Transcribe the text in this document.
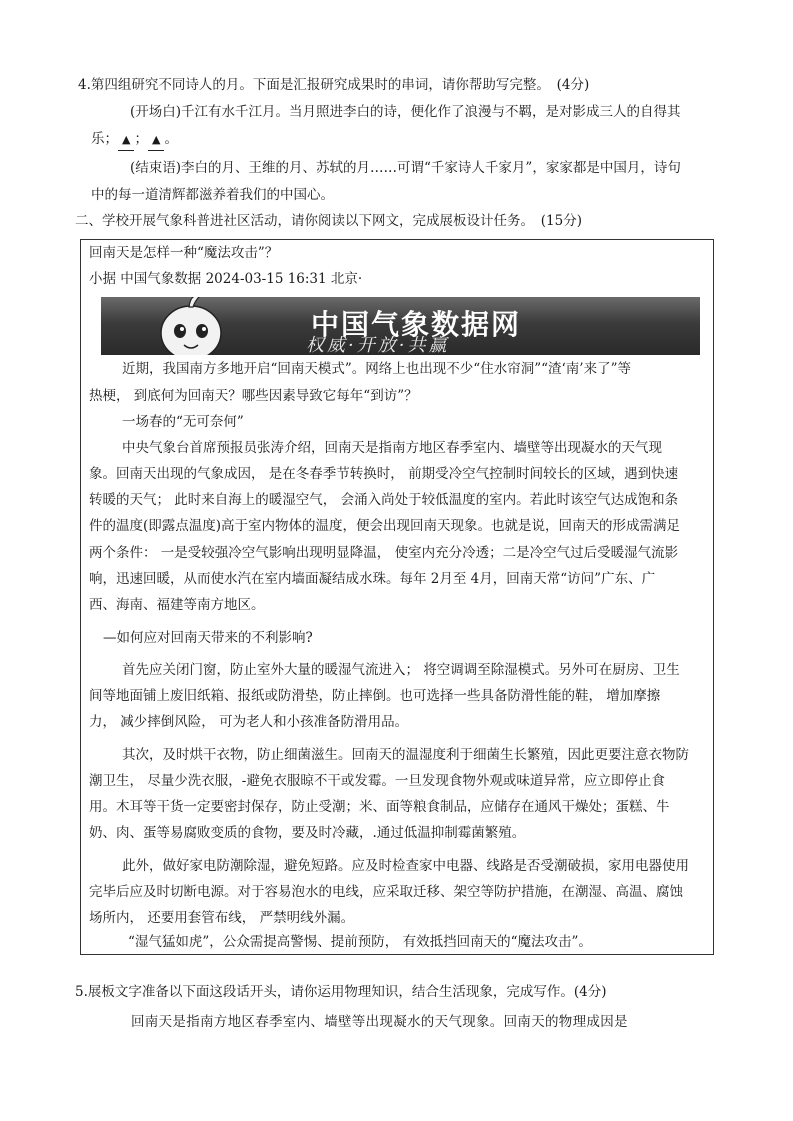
4.第四组研究不同诗人的月。下面是汇报研究成果时的串词，请你帮助写完整。　(4分)
(开场白)千江有水千江月。当月照进李白的诗，便化作了浪漫与不羁，是对影成三人的自得其
乐； ▲ ； ▲ 。
(结束语)李白的月、王维的月、苏轼的月……可谓“千家诗人千家月”，家家都是中国月，诗句
中的每一道清辉都滋养着我们的中国心。
二、学校开展气象科普进社区活动，请你阅读以下网文，完成展板设计任务。　(15分)
回南天是怎样一种“魔法攻击”？
小据 中国气象数据 2024-03-15 16:31 北京·
中国气象数据网
权威·开放·共赢
近期，我国南方多地开启“回南天模式”。网络上也出现不少“住水帘洞”“渣‘南’来了”等
热梗， 到底何为回南天？哪些因素导致它每年“到访”？
一场春的“无可奈何”
中央气象台首席预报员张涛介绍，回南天是指南方地区春季室内、墙壁等出现凝水的天气现
象。回南天出现的气象成因， 是在冬春季节转换时， 前期受冷空气控制时间较长的区域，遇到快速
转暖的天气； 此时来自海上的暖湿空气， 会涌入尚处于较低温度的室内。若此时该空气达成饱和条
件的温度(即露点温度)高于室内物体的温度，便会出现回南天现象。也就是说，回南天的形成需满足
两个条件： 一是受较强冷空气影响出现明显降温， 使室内充分冷透；二是冷空气过后受暖湿气流影
响，迅速回暖，从而使水汽在室内墙面凝结成水珠。每年 2月至 4月，回南天常“访问”广东、广
西、海南、福建等南方地区。
—如何应对回南天带来的不利影响?
首先应关闭门窗，防止室外大量的暖湿气流进入； 将空调调至除湿模式。另外可在厨房、卫生
间等地面铺上废旧纸箱、报纸或防滑垫，防止摔倒。也可选择一些具备防滑性能的鞋， 增加摩擦
力， 减少摔倒风险， 可为老人和小孩准备防滑用品。
其次，及时烘干衣物，防止细菌滋生。回南天的温湿度利于细菌生长繁殖，因此更要注意衣物防
潮卫生， 尽量少洗衣服，-避免衣服晾不干或发霉。一旦发现食物外观或味道异常，应立即停止食
用。木耳等干货一定要密封保存，防止受潮；米、面等粮食制品，应储存在通风干燥处；蛋糕、牛
奶、肉、蛋等易腐败变质的食物，要及时冷藏，.通过低温抑制霉菌繁殖。
此外，做好家电防潮除湿，避免短路。应及时检查家中电器、线路是否受潮破损，家用电器使用
完毕后应及时切断电源。对于容易泡水的电线，应采取迁移、架空等防护措施，在潮湿、高温、腐蚀
场所内， 还要用套管布线， 严禁明线外漏。
“湿气猛如虎”，公众需提高警惕、提前预防， 有效抵挡回南天的“魔法攻击”。
5.展板文字准备以下面这段话开头，请你运用物理知识，结合生活现象，完成写作。(4分)
回南天是指南方地区春季室内、墙壁等出现凝水的天气现象。回南天的物理成因是
